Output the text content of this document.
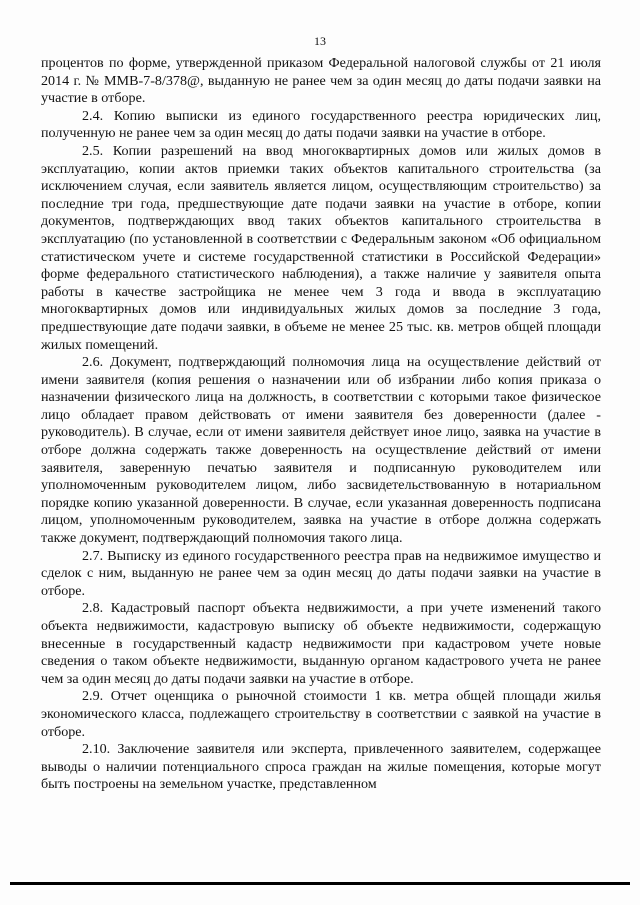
13

процентов по форме, утвержденной приказом Федеральной налоговой службы от 21 июля 2014 г. № ММВ-7-8/378@, выданную не ранее чем за один месяц до даты подачи заявки на участие в отборе.

2.4. Копию выписки из единого государственного реестра юридических лиц, полученную не ранее чем за один месяц до даты подачи заявки на участие в отборе.

2.5. Копии разрешений на ввод многоквартирных домов или жилых домов в эксплуатацию, копии актов приемки таких объектов капитального строительства (за исключением случая, если заявитель является лицом, осуществляющим строительство) за последние три года, предшествующие дате подачи заявки на участие в отборе, копии документов, подтверждающих ввод таких объектов капитального строительства в эксплуатацию (по установленной в соответствии с Федеральным законом «Об официальном статистическом учете и системе государственной статистики в Российской Федерации» форме федерального статистического наблюдения), а также наличие у заявителя опыта работы в качестве застройщика не менее чем 3 года и ввода в эксплуатацию многоквартирных домов или индивидуальных жилых домов за последние 3 года, предшествующие дате подачи заявки, в объеме не менее 25 тыс. кв. метров общей площади жилых помещений.

2.6. Документ, подтверждающий полномочия лица на осуществление действий от имени заявителя (копия решения о назначении или об избрании либо копия приказа о назначении физического лица на должность, в соответствии с которыми такое физическое лицо обладает правом действовать от имени заявителя без доверенности (далее - руководитель). В случае, если от имени заявителя действует иное лицо, заявка на участие в отборе должна содержать также доверенность на осуществление действий от имени заявителя, заверенную печатью заявителя и подписанную руководителем или уполномоченным руководителем лицом, либо засвидетельствованную в нотариальном порядке копию указанной доверенности. В случае, если указанная доверенность подписана лицом, уполномоченным руководителем, заявка на участие в отборе должна содержать также документ, подтверждающий полномочия такого лица.

2.7. Выписку из единого государственного реестра прав на недвижимое имущество и сделок с ним, выданную не ранее чем за один месяц до даты подачи заявки на участие в отборе.

2.8. Кадастровый паспорт объекта недвижимости, а при учете изменений такого объекта недвижимости, кадастровую выписку об объекте недвижимости, содержащую внесенные в государственный кадастр недвижимости при кадастровом учете новые сведения о таком объекте недвижимости, выданную органом кадастрового учета не ранее чем за один месяц до даты подачи заявки на участие в отборе.

2.9. Отчет оценщика о рыночной стоимости 1 кв. метра общей площади жилья экономического класса, подлежащего строительству в соответствии с заявкой на участие в отборе.

2.10. Заключение заявителя или эксперта, привлеченного заявителем, содержащее выводы о наличии потенциального спроса граждан на жилые помещения, которые могут быть построены на земельном участке, представленном
